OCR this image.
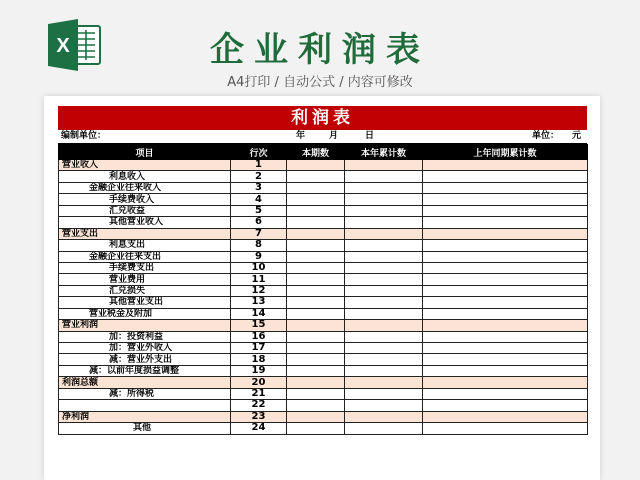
X	企业利润表
A4打印 / 自动公式 / 内容可修改
利润表
编制单位：	年	月	日	单位： 元
项目	行次	本期数	本年累计数	上年同期累计数
营业收入	1			
利息收入	2			
金融企业往来收入	3			
手续费收入	4			
汇兑收益	5			
其他营业收入	6			
营业支出	7			
利息支出	8			
金融企业往来支出	9			
手续费支出	10			
营业费用	11			
汇兑损失	12			
其他营业支出	13			
营业税金及附加	14			
营业利润	15			
加：投资利益	16			
加：营业外收入	17			
减：营业外支出	18			
减：以前年度损益调整	19			
利润总额	20			
减：所得税	21			
	22			
净利润	23			
其他	24			
